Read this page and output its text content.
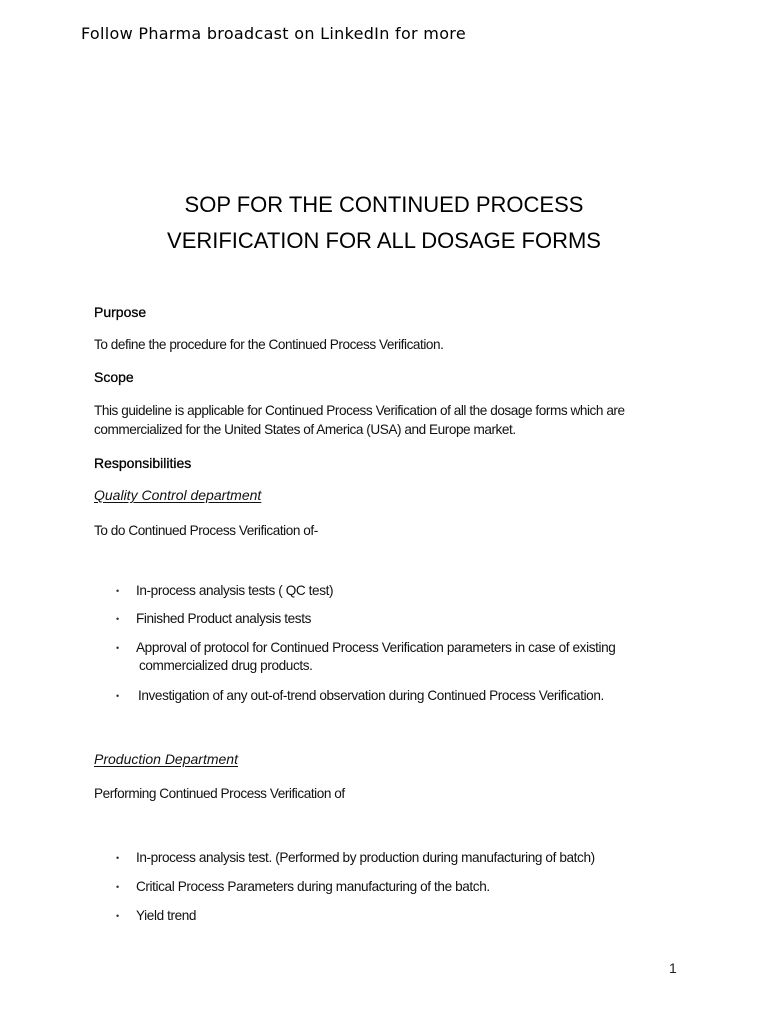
Follow Pharma broadcast on LinkedIn for more
SOP FOR THE CONTINUED PROCESS
VERIFICATION FOR ALL DOSAGE FORMS
Purpose
To define the procedure for the Continued Process Verification.
Scope
This guideline is applicable for Continued Process Verification of all the dosage forms which are
commercialized for the United States of America (USA) and Europe market.
Responsibilities
Quality Control department
To do Continued Process Verification of-
• In-process analysis tests ( QC test)
• Finished Product analysis tests
• Approval of protocol for Continued Process Verification parameters in case of existing
commercialized drug products.
• Investigation of any out-of-trend observation during Continued Process Verification.
Production Department
Performing Continued Process Verification of
• In-process analysis test. (Performed by production during manufacturing of batch)
• Critical Process Parameters during manufacturing of the batch.
• Yield trend
1
